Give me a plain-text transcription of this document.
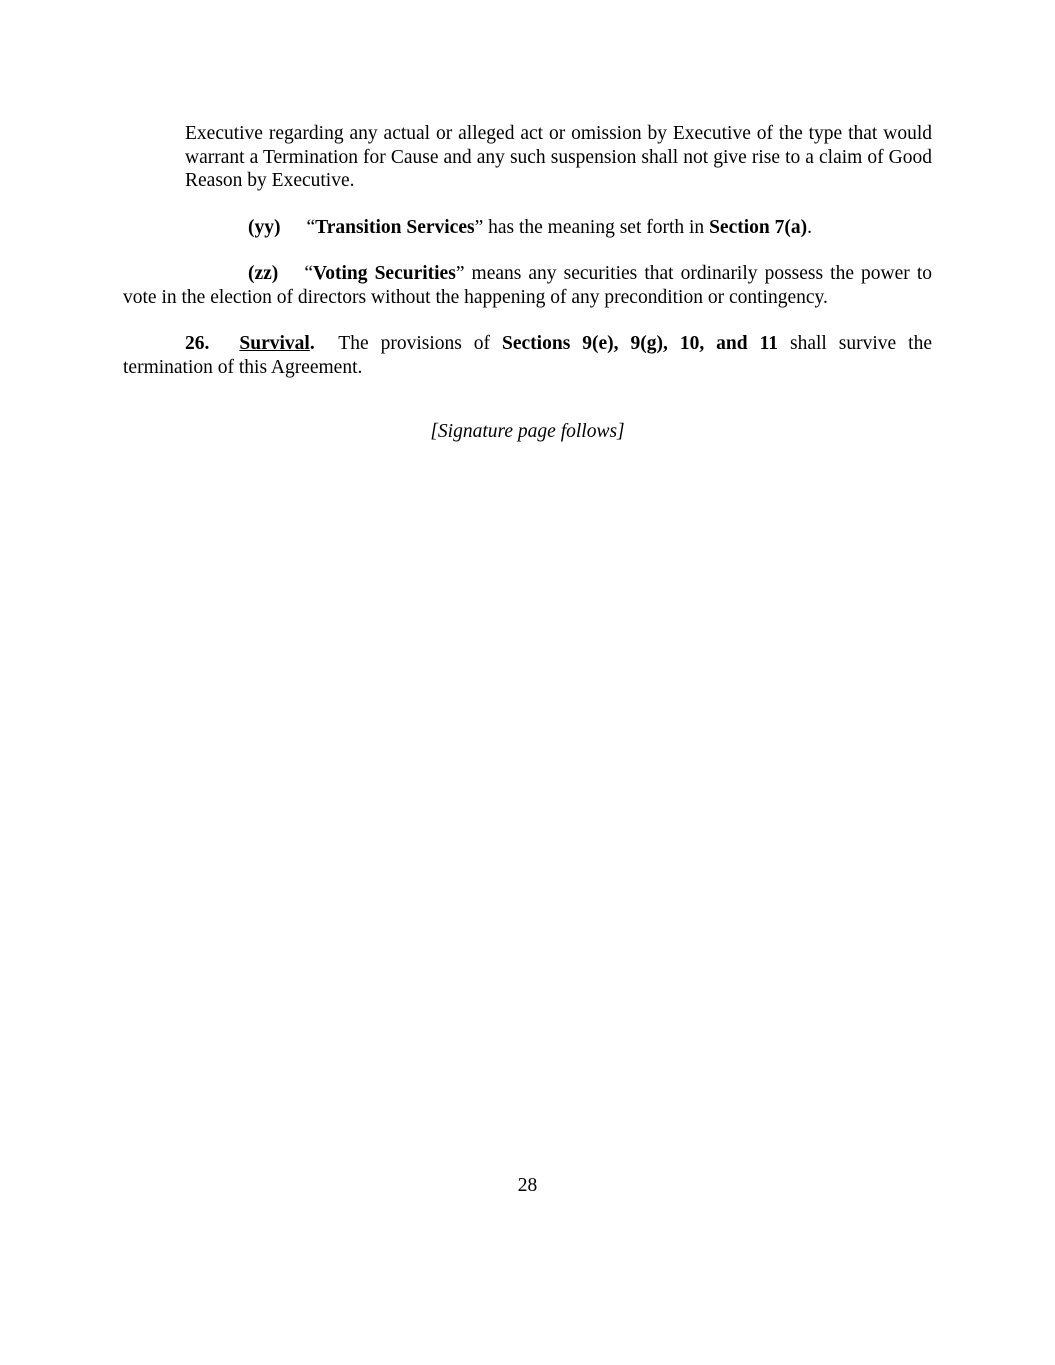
Executive regarding any actual or alleged act or omission by Executive of the type that would warrant a Termination for Cause and any such suspension shall not give rise to a claim of Good Reason by Executive.

(yy) “Transition Services” has the meaning set forth in Section 7(a).

(zz) “Voting Securities” means any securities that ordinarily possess the power to vote in the election of directors without the happening of any precondition or contingency.

26. Survival.  The provisions of Sections 9(e), 9(g), 10, and 11 shall survive the termination of this Agreement.

[Signature page follows]

28
